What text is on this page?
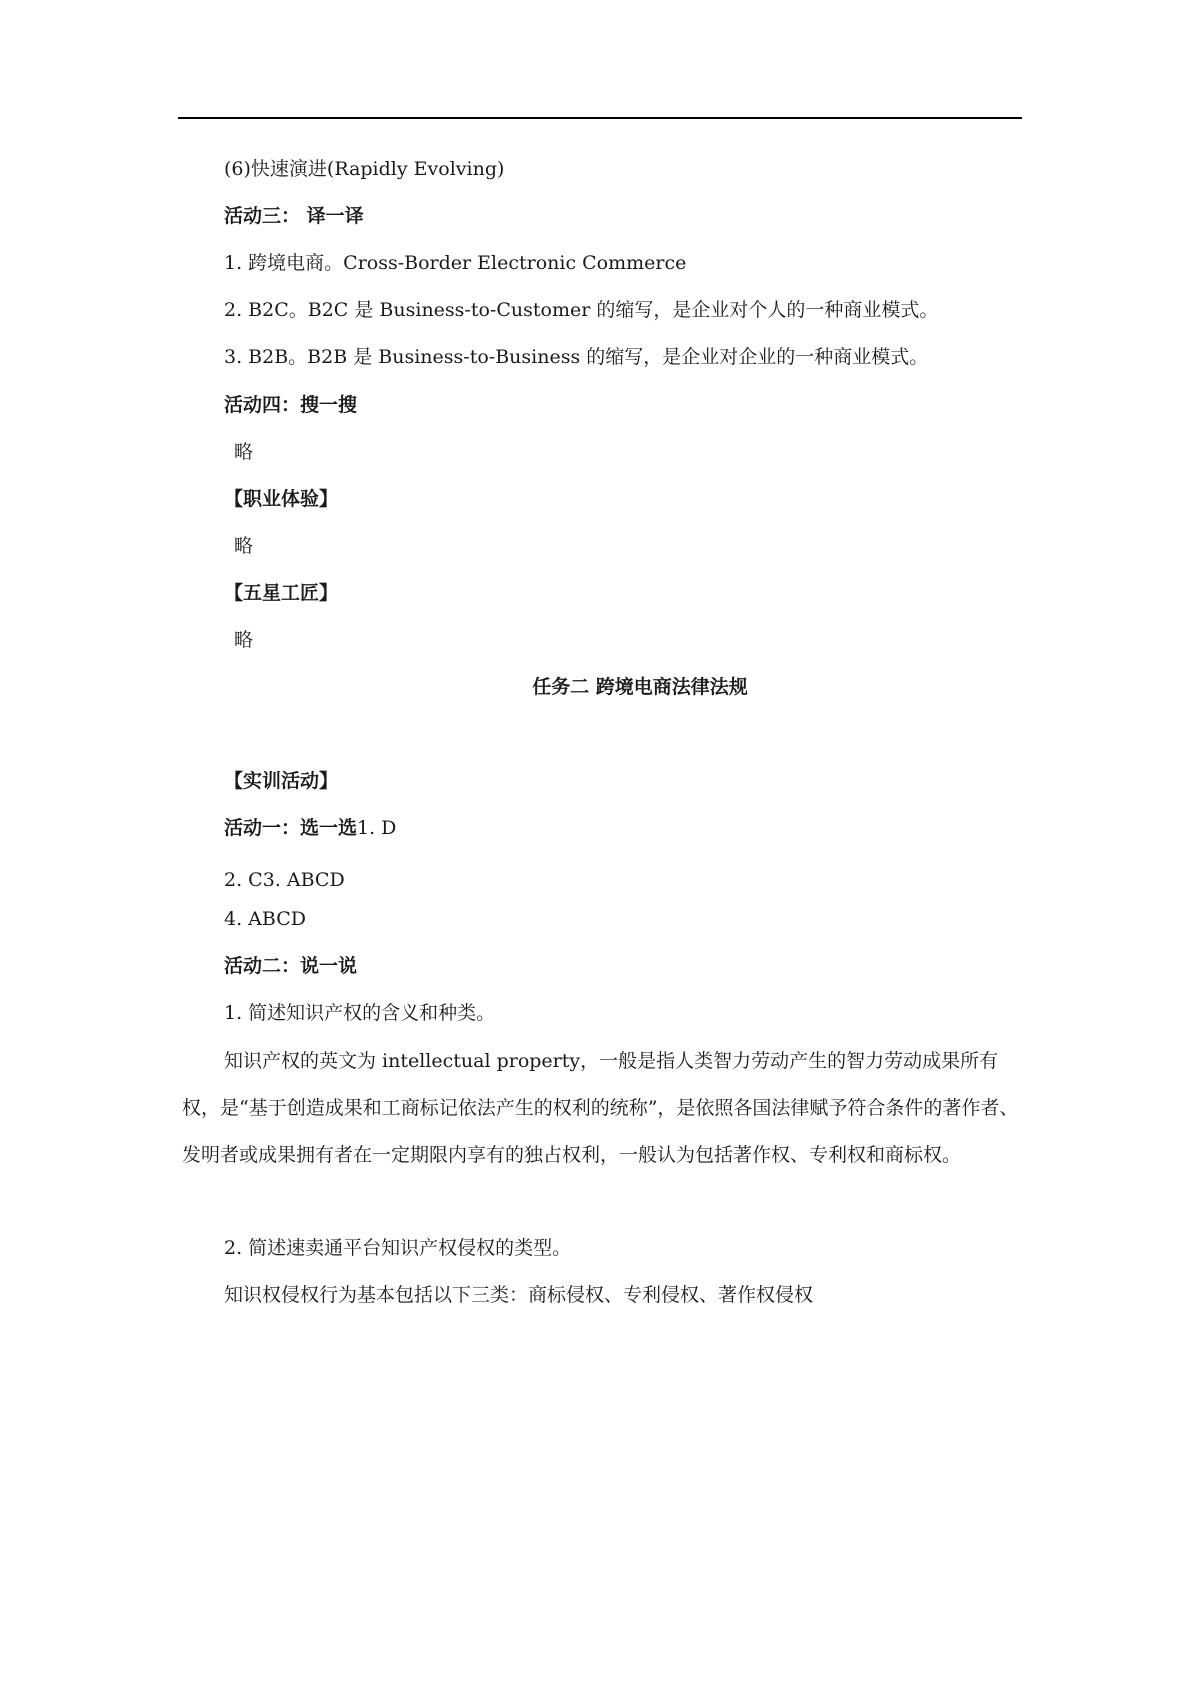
(6)快速演进(Rapidly Evolving)
活动三： 译一译
1. 跨境电商。Cross-Border Electronic Commerce
2. B2C。B2C 是 Business-to-Customer 的缩写，是企业对个人的一种商业模式。
3. B2B。B2B 是 Business-to-Business 的缩写，是企业对企业的一种商业模式。
活动四：搜一搜
略
【职业体验】
略
【五星工匠】
略
任务二 跨境电商法律法规
【实训活动】
活动一：选一选1. D
2. C3. ABCD
4. ABCD
活动二：说一说
1. 简述知识产权的含义和种类。
知识产权的英文为 intellectual property，一般是指人类智力劳动产生的智力劳动成果所有权，是“基于创造成果和工商标记依法产生的权利的统称”，是依照各国法律赋予符合条件的著作者、发明者或成果拥有者在一定期限内享有的独占权利，一般认为包括著作权、专利权和商标权。
2. 简述速卖通平台知识产权侵权的类型。
知识权侵权行为基本包括以下三类：商标侵权、专利侵权、著作权侵权
